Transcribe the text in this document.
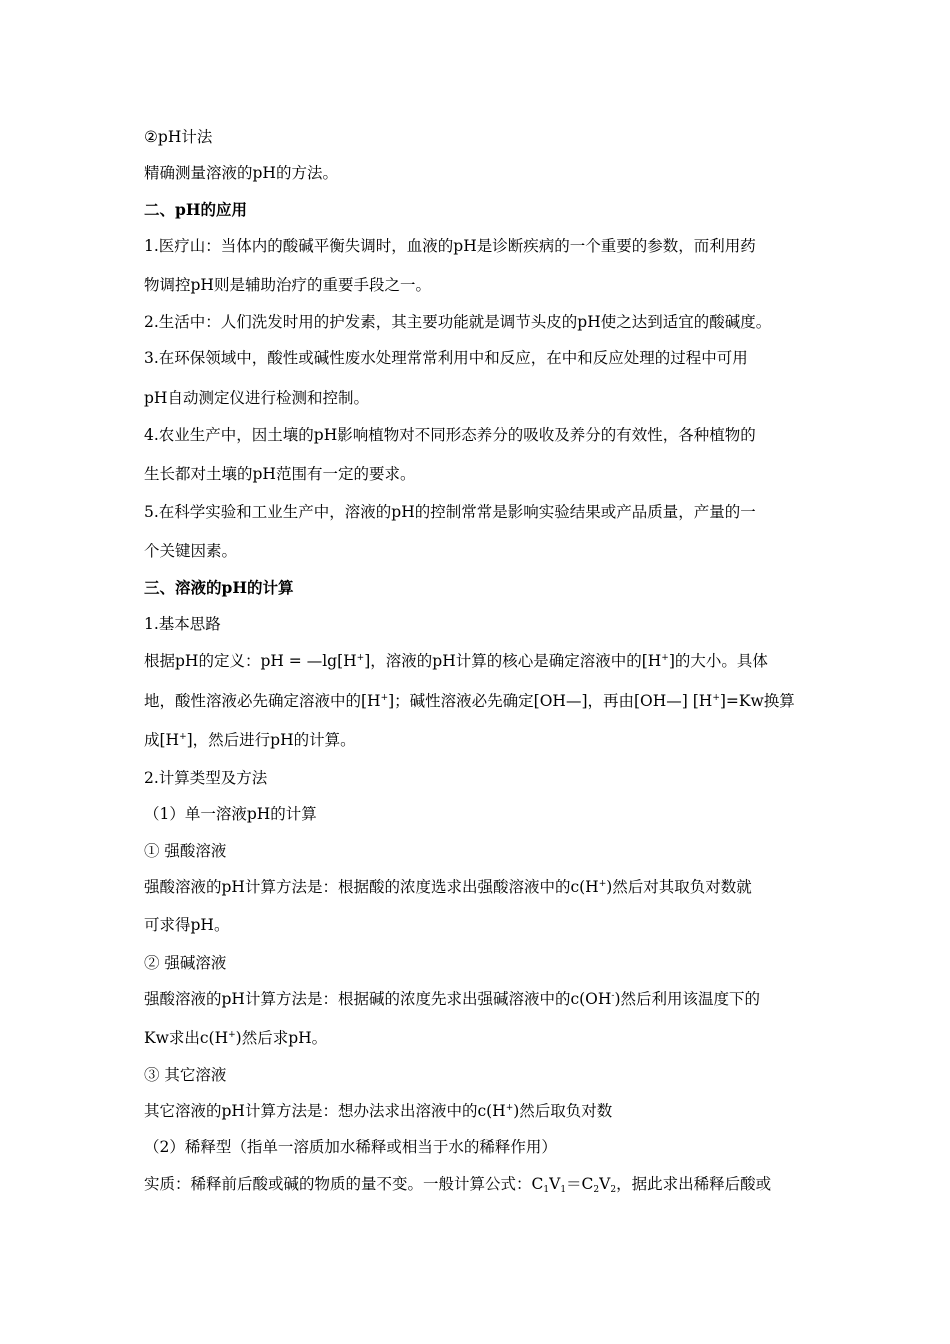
②pH计法
精确测量溶液的pH的方法。
二、pH的应用
1.医疗山：当体内的酸碱平衡失调时，血液的pH是诊断疾病的一个重要的参数，而利用药
物调控pH则是辅助治疗的重要手段之一。
2.生活中：人们洗发时用的护发素，其主要功能就是调节头皮的pH使之达到适宜的酸碱度。
3.在环保领域中，酸性或碱性废水处理常常利用中和反应，在中和反应处理的过程中可用
pH自动测定仪进行检测和控制。
4.农业生产中，因土壤的pH影响植物对不同形态养分的吸收及养分的有效性，各种植物的
生长都对土壤的pH范围有一定的要求。
5.在科学实验和工业生产中，溶液的pH的控制常常是影响实验结果或产品质量，产量的一
个关键因素。
三、溶液的pH的计算
1.基本思路
根据pH的定义：pH = —lg[H+]，溶液的pH计算的核心是确定溶液中的[H+]的大小。具体
地，酸性溶液必先确定溶液中的[H+]；碱性溶液必先确定[OH—]，再由[OH—] [H+]=Kw换算
成[H+]，然后进行pH的计算。
2.计算类型及方法
（1）单一溶液pH的计算
① 强酸溶液
强酸溶液的pH计算方法是：根据酸的浓度选求出强酸溶液中的c(H+)然后对其取负对数就
可求得pH。
② 强碱溶液
强酸溶液的pH计算方法是：根据碱的浓度先求出强碱溶液中的c(OH-)然后利用该温度下的
Kw求出c(H+)然后求pH。
③ 其它溶液
其它溶液的pH计算方法是：想办法求出溶液中的c(H+)然后取负对数
（2）稀释型（指单一溶质加水稀释或相当于水的稀释作用）
实质：稀释前后酸或碱的物质的量不变。一般计算公式：$C_1V_1=C_2V_2$，据此求出稀释后酸或
